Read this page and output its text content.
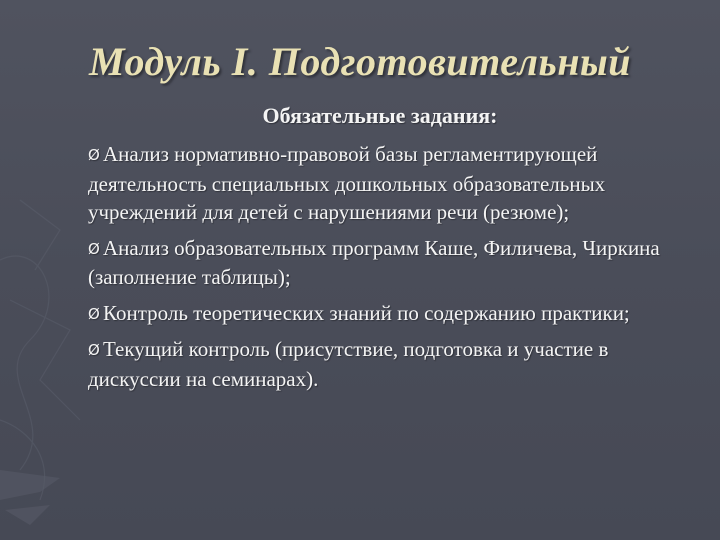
Модуль I. Подготовительный
Обязательные задания:
Ø Анализ нормативно-правовой базы регламентирующей деятельность специальных дошкольных образовательных учреждений для детей с нарушениями речи (резюме);
Ø Анализ образовательных программ Каше, Филичева, Чиркина (заполнение таблицы);
Ø Контроль теоретических знаний по содержанию практики;
Ø Текущий контроль (присутствие, подготовка и участие в дискуссии на семинарах).
